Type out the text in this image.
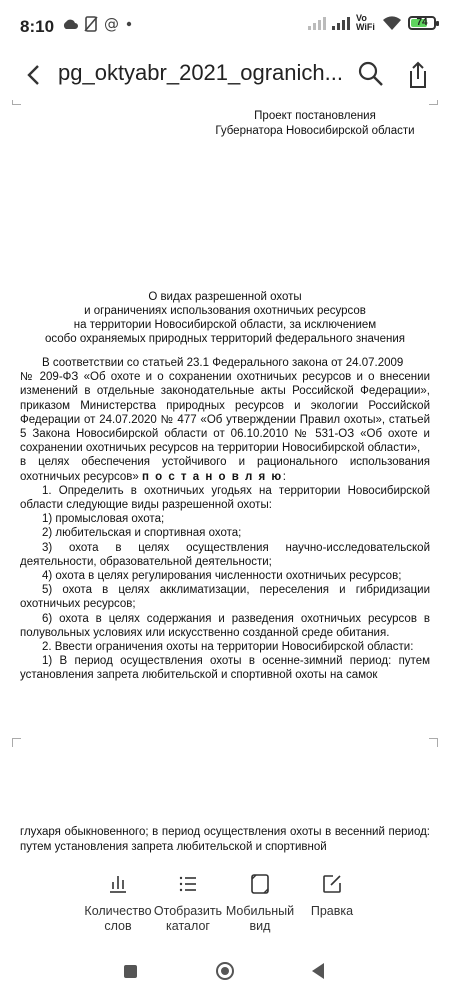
8:10	@	Vo WiFi	74
pg_oktyabr_2021_ogranich...
Проект постановления
Губернатора Новосибирской области
О видах разрешенной охоты
и ограничениях использования охотничьих ресурсов
на территории Новосибирской области, за исключением
особо охраняемых природных территорий федерального значения

В соответствии со статьей 23.1 Федерального закона от 24.07.2009

№ 209-ФЗ «Об охоте и о сохранении охотничьих ресурсов и о внесении изменений в отдельные законодательные акты Российской Федерации», приказом Министерства природных ресурсов и экологии Российской Федерации от 24.07.2020 № 477 «Об утверждении Правил охоты», статьей 5 Закона Новосибирской области от 06.10.2010 № 531-ОЗ «Об охоте и сохранении охотничьих ресурсов на территории Новосибирской области»,

в целях обеспечения устойчивого и рационального использования охотничьих ресурсов» п о с т а н о в л я ю:

1. Определить в охотничьих угодьях на территории Новосибирской области следующие виды разрешенной охоты:

1) промысловая охота;

2) любительская и спортивная охота;

3) охота в целях осуществления научно-исследовательской деятельности, образовательной деятельности;

4) охота в целях регулирования численности охотничьих ресурсов;

5) охота в целях акклиматизации, переселения и гибридизации охотничьих ресурсов;

6) охота в целях содержания и разведения охотничьих ресурсов в полувольных условиях или искусственно созданной среде обитания.

2. Ввести ограничения охоты на территории Новосибирской области:

1) В период осуществления охоты в осенне-зимний период: путем установления запрета любительской и спортивной охоты на самок

глухаря обыкновенного; в период осуществления охоты в весенний период: путем установления запрета любительской и спортивной
Количество
слов
Отобразить
каталог
Мобильный
вид
Правка
